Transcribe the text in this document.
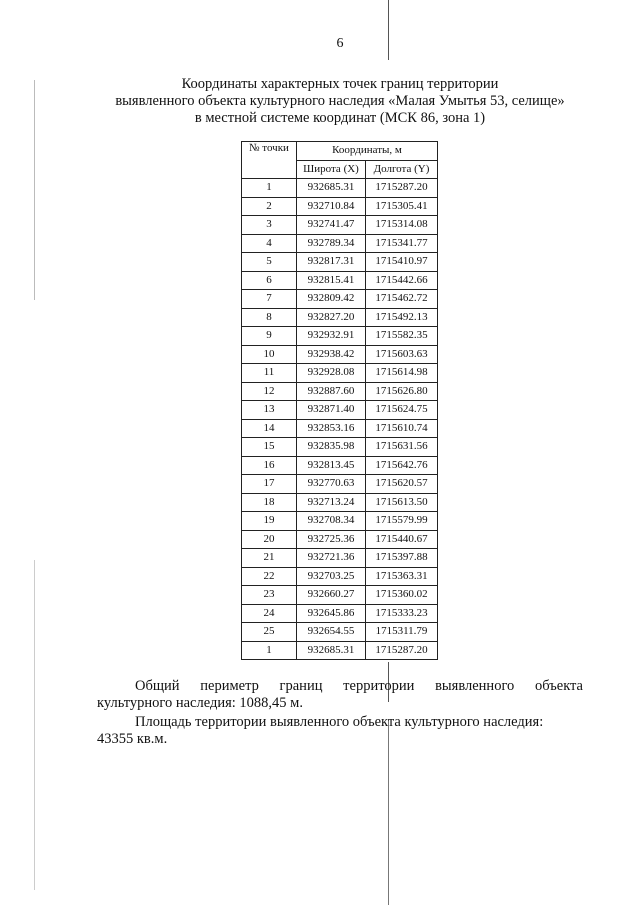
6
Координаты характерных точек границ территории
выявленного объекта культурного наследия «Малая Умытья 53, селище»
в местной системе координат (МСК 86, зона 1)
№ точки	Координаты, м	
	Широта (X)	Долгота (Y)
1	932685.31	1715287.20
2	932710.84	1715305.41
3	932741.47	1715314.08
4	932789.34	1715341.77
5	932817.31	1715410.97
6	932815.41	1715442.66
7	932809.42	1715462.72
8	932827.20	1715492.13
9	932932.91	1715582.35
10	932938.42	1715603.63
11	932928.08	1715614.98
12	932887.60	1715626.80
13	932871.40	1715624.75
14	932853.16	1715610.74
15	932835.98	1715631.56
16	932813.45	1715642.76
17	932770.63	1715620.57
18	932713.24	1715613.50
19	932708.34	1715579.99
20	932725.36	1715440.67
21	932721.36	1715397.88
22	932703.25	1715363.31
23	932660.27	1715360.02
24	932645.86	1715333.23
25	932654.55	1715311.79
1	932685.31	1715287.20
Общий периметр границ территории выявленного объекта
культурного наследия: 1088,45 м.
Площадь территории выявленного объекта культурного наследия:
43355 кв.м.
